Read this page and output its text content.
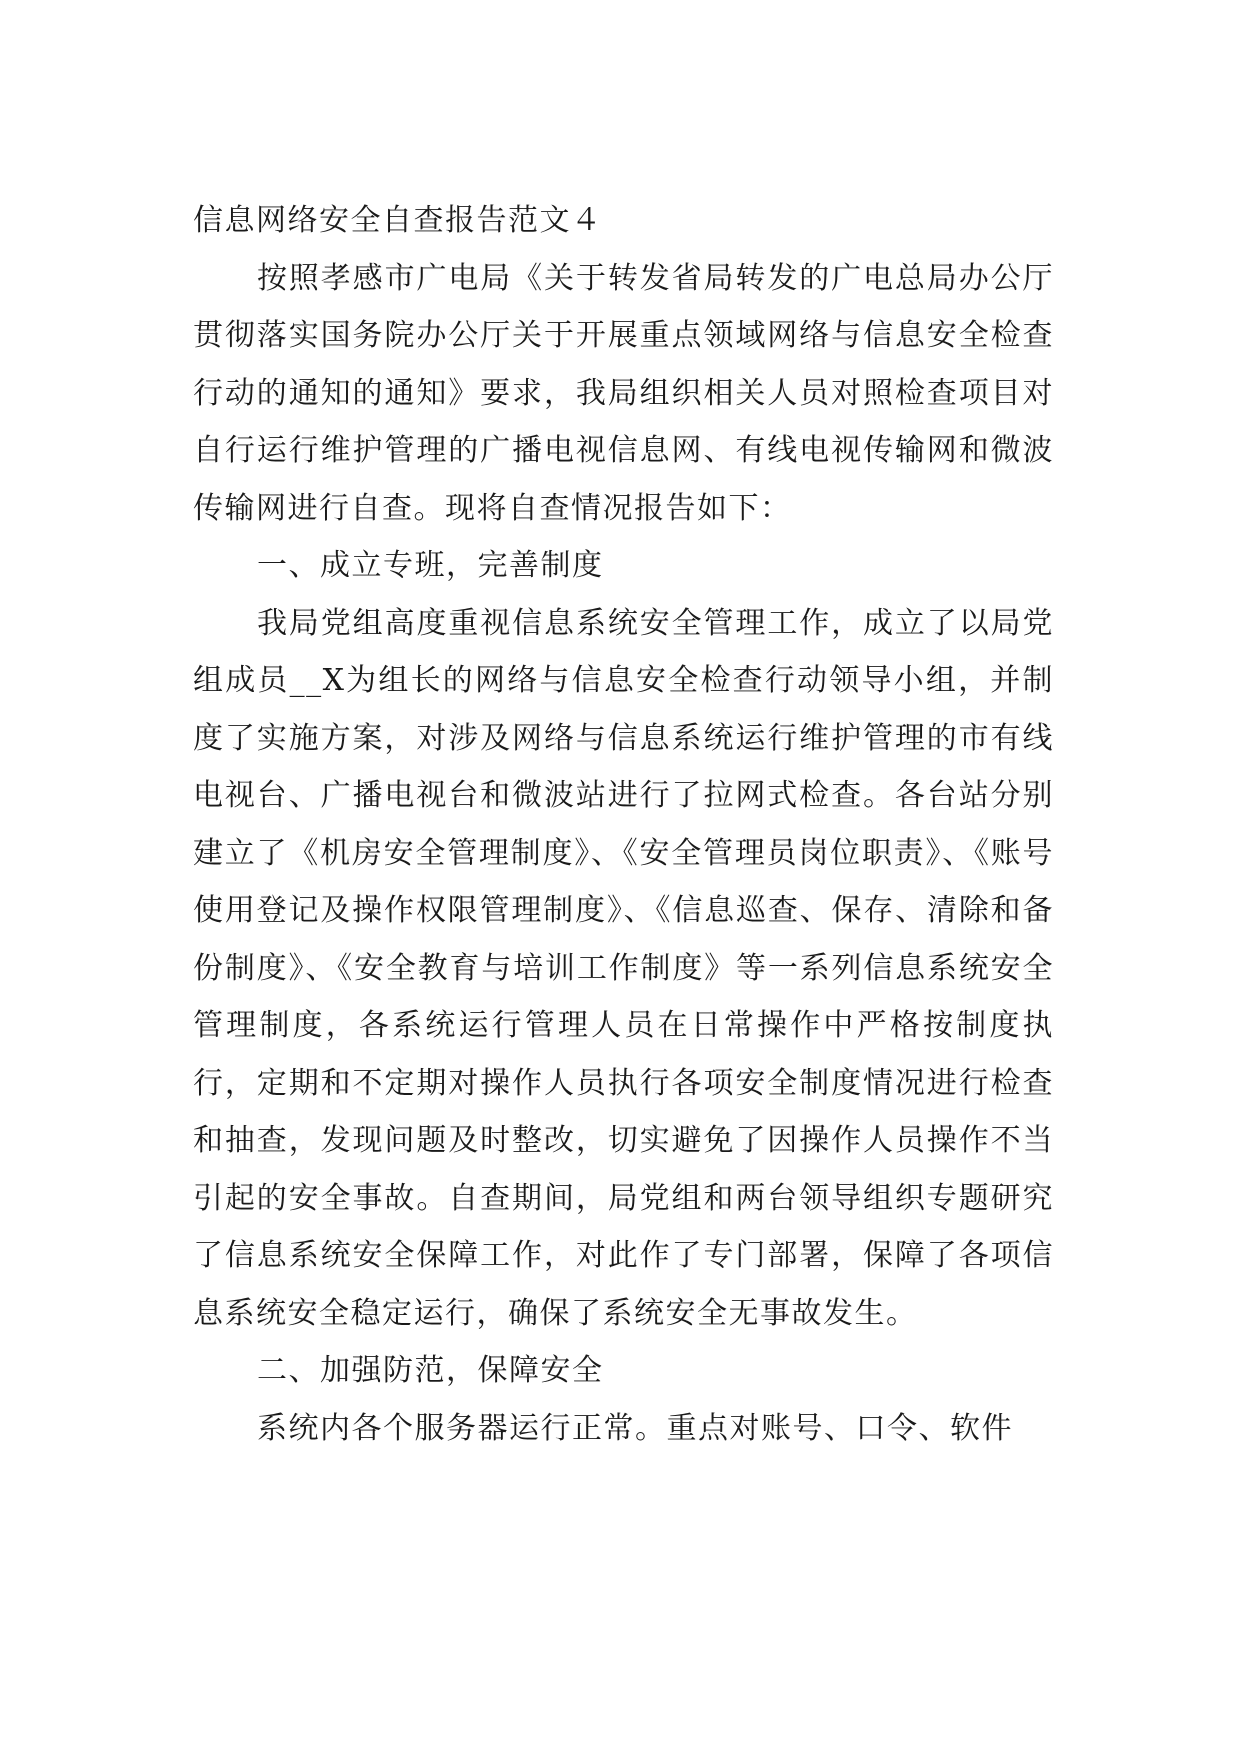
信息网络安全自查报告范文４

按照孝感市广电局《关于转发省局转发的广电总局办公厅贯彻落实国务院办公厅关于开展重点领域网络与信息安全检查行动的通知的通知》要求，我局组织相关人员对照检查项目对自行运行维护管理的广播电视信息网、有线电视传输网和微波传输网进行自查。现将自查情况报告如下：

一、成立专班，完善制度

我局党组高度重视信息系统安全管理工作，成立了以局党组成员__X为组长的网络与信息安全检查行动领导小组，并制度了实施方案，对涉及网络与信息系统运行维护管理的市有线电视台、广播电视台和微波站进行了拉网式检查。各台站分别建立了《机房安全管理制度》、《安全管理员岗位职责》、《账号使用登记及操作权限管理制度》、《信息巡查、保存、清除和备份制度》、《安全教育与培训工作制度》等一系列信息系统安全管理制度，各系统运行管理人员在日常操作中严格按制度执行，定期和不定期对操作人员执行各项安全制度情况进行检查和抽查，发现问题及时整改，切实避免了因操作人员操作不当引起的安全事故。自查期间，局党组和两台领导组织专题研究了信息系统安全保障工作，对此作了专门部署，保障了各项信息系统安全稳定运行，确保了系统安全无事故发生。

二、加强防范，保障安全

系统内各个服务器运行正常。重点对账号、口令、软件
